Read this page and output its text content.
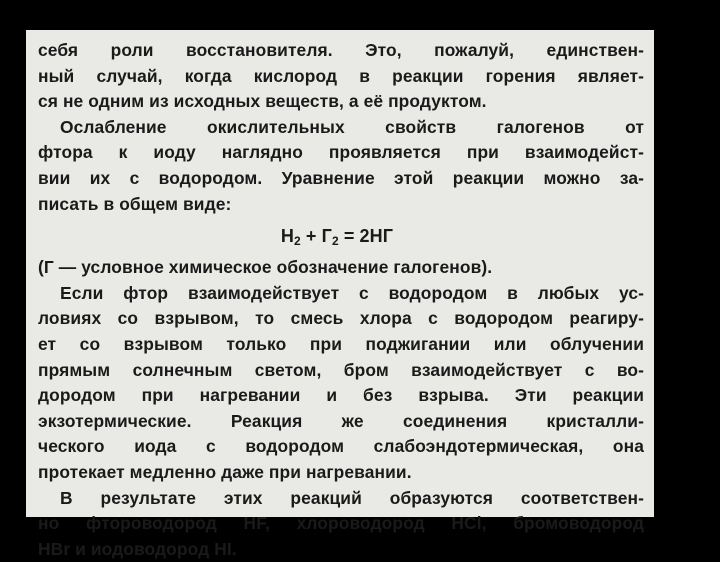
себя роли восстановителя. Это, пожалуй, единствен-
ный случай, когда кислород в реакции горения являет-
ся не одним из исходных веществ, а её продуктом.
Ослабление окислительных свойств галогенов от
фтора к иоду наглядно проявляется при взаимодейст-
вии их с водородом. Уравнение этой реакции можно за-
писать в общем виде:
$H_2 + Г_2 = 2НГ$
(Г — условное химическое обозначение галогенов).
Если фтор взаимодействует с водородом в любых ус-
ловиях со взрывом, то смесь хлора с водородом реагиру-
ет со взрывом только при поджигании или облучении
прямым солнечным светом, бром взаимодействует с во-
дородом при нагревании и без взрыва. Эти реакции
экзотермические. Реакция же соединения кристалли-
ческого иода с водородом слабоэндотермическая, она
протекает медленно даже при нагревании.
В результате этих реакций образуются соответствен-
но фтороводород HF, хлороводород HCl, бромоводород
HBr и иодоводород HI.
